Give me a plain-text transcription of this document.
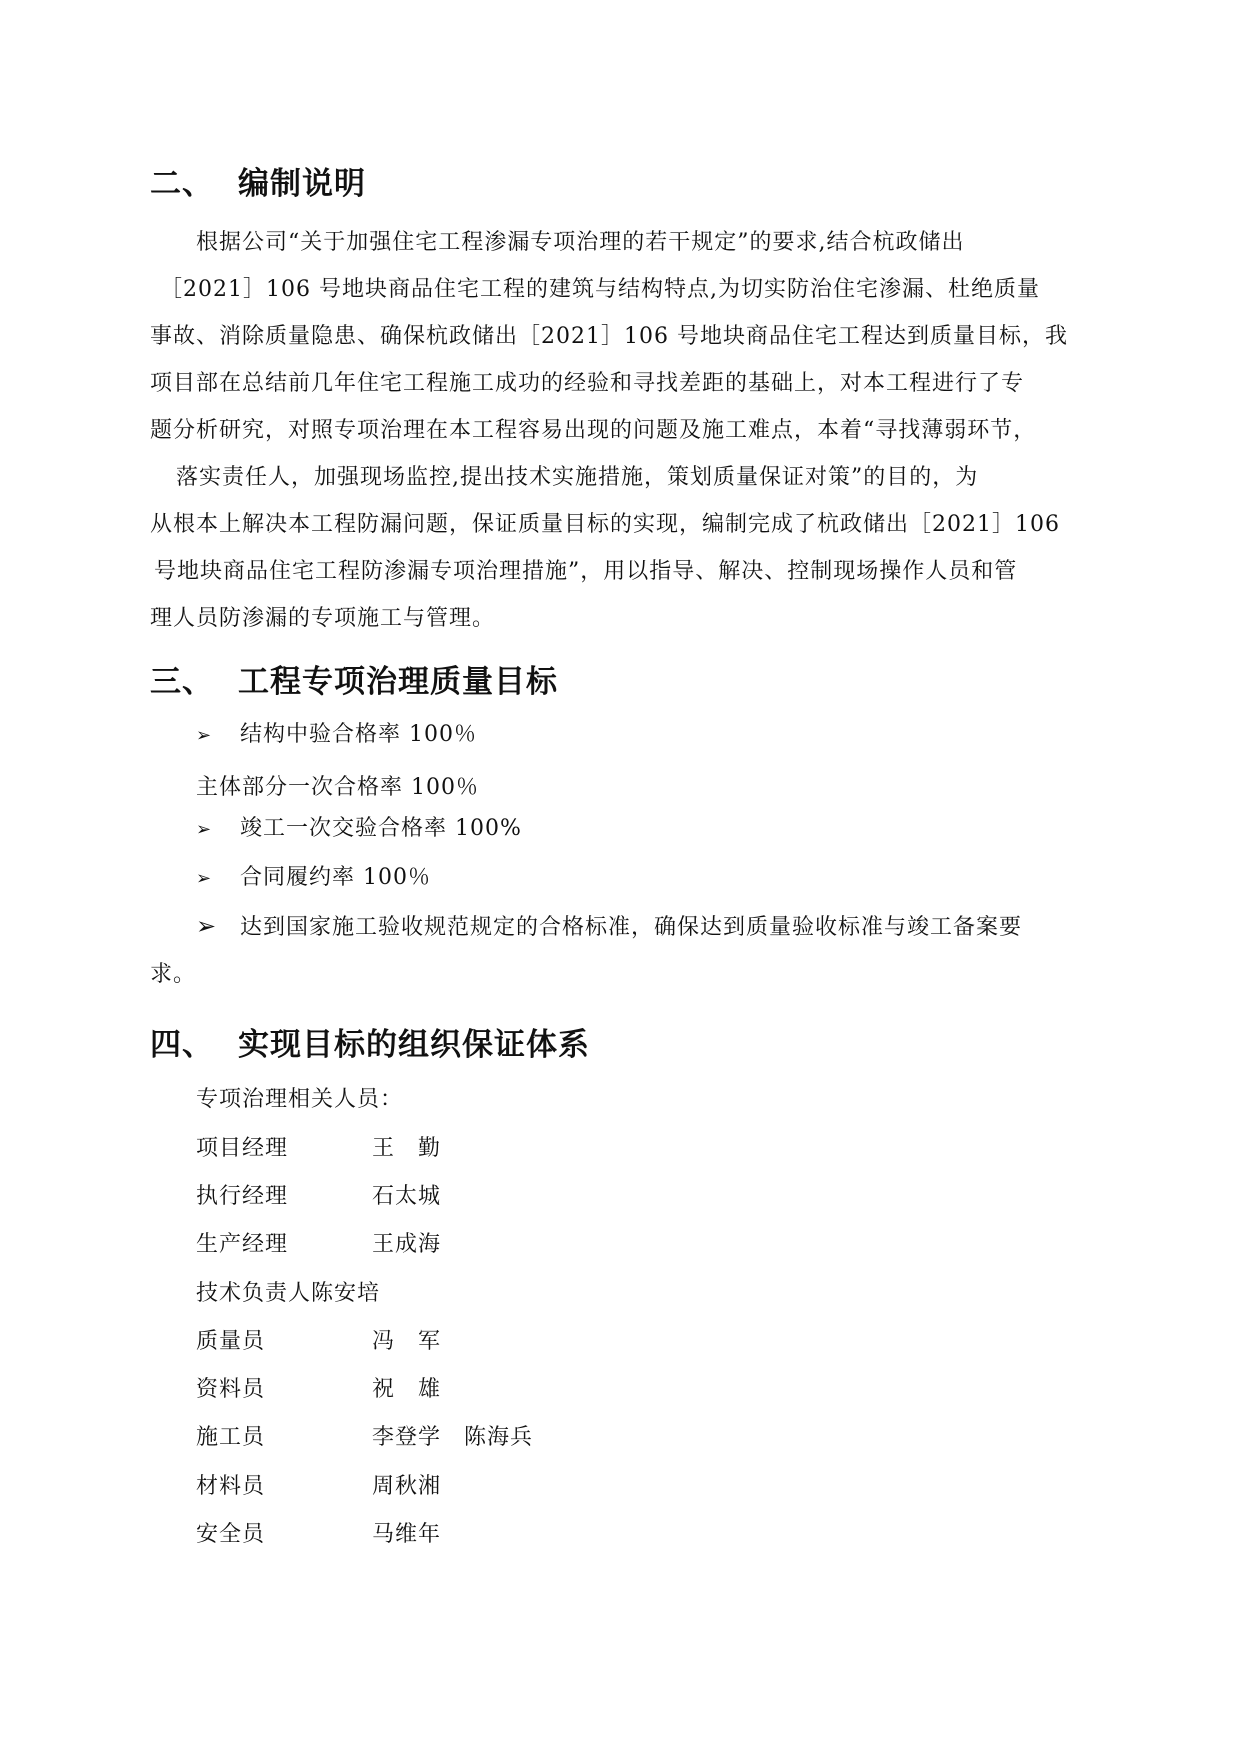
二、 编制说明
根据公司“关于加强住宅工程渗漏专项治理的若干规定”的要求,结合杭政储出
［2021］106 号地块商品住宅工程的建筑与结构特点,为切实防治住宅渗漏、杜绝质量
事故、消除质量隐患、确保杭政储出［2021］106 号地块商品住宅工程达到质量目标，我
项目部在总结前几年住宅工程施工成功的经验和寻找差距的基础上，对本工程进行了专
题分析研究，对照专项治理在本工程容易出现的问题及施工难点，本着“寻找薄弱环节，
落实责任人，加强现场监控,提出技术实施措施，策划质量保证对策”的目的，为
从根本上解决本工程防漏问题，保证质量目标的实现，编制完成了杭政储出［2021］106
号地块商品住宅工程防渗漏专项治理措施”，用以指导、解决、控制现场操作人员和管
理人员防渗漏的专项施工与管理。
三、 工程专项治理质量目标
➢ 结构中验合格率 100％
主体部分一次合格率 100％
➢ 竣工一次交验合格率 100%
➢ 合同履约率 100％
➢ 达到国家施工验收规范规定的合格标准，确保达到质量验收标准与竣工备案要
求。
四、 实现目标的组织保证体系
专项治理相关人员：
项目经理	王　勤
执行经理	石太城
生产经理	王成海
技术负责人陈安培
质量员	冯　军
资料员	祝　雄
施工员	李登学　陈海兵
材料员	周秋湘
安全员	马维年
